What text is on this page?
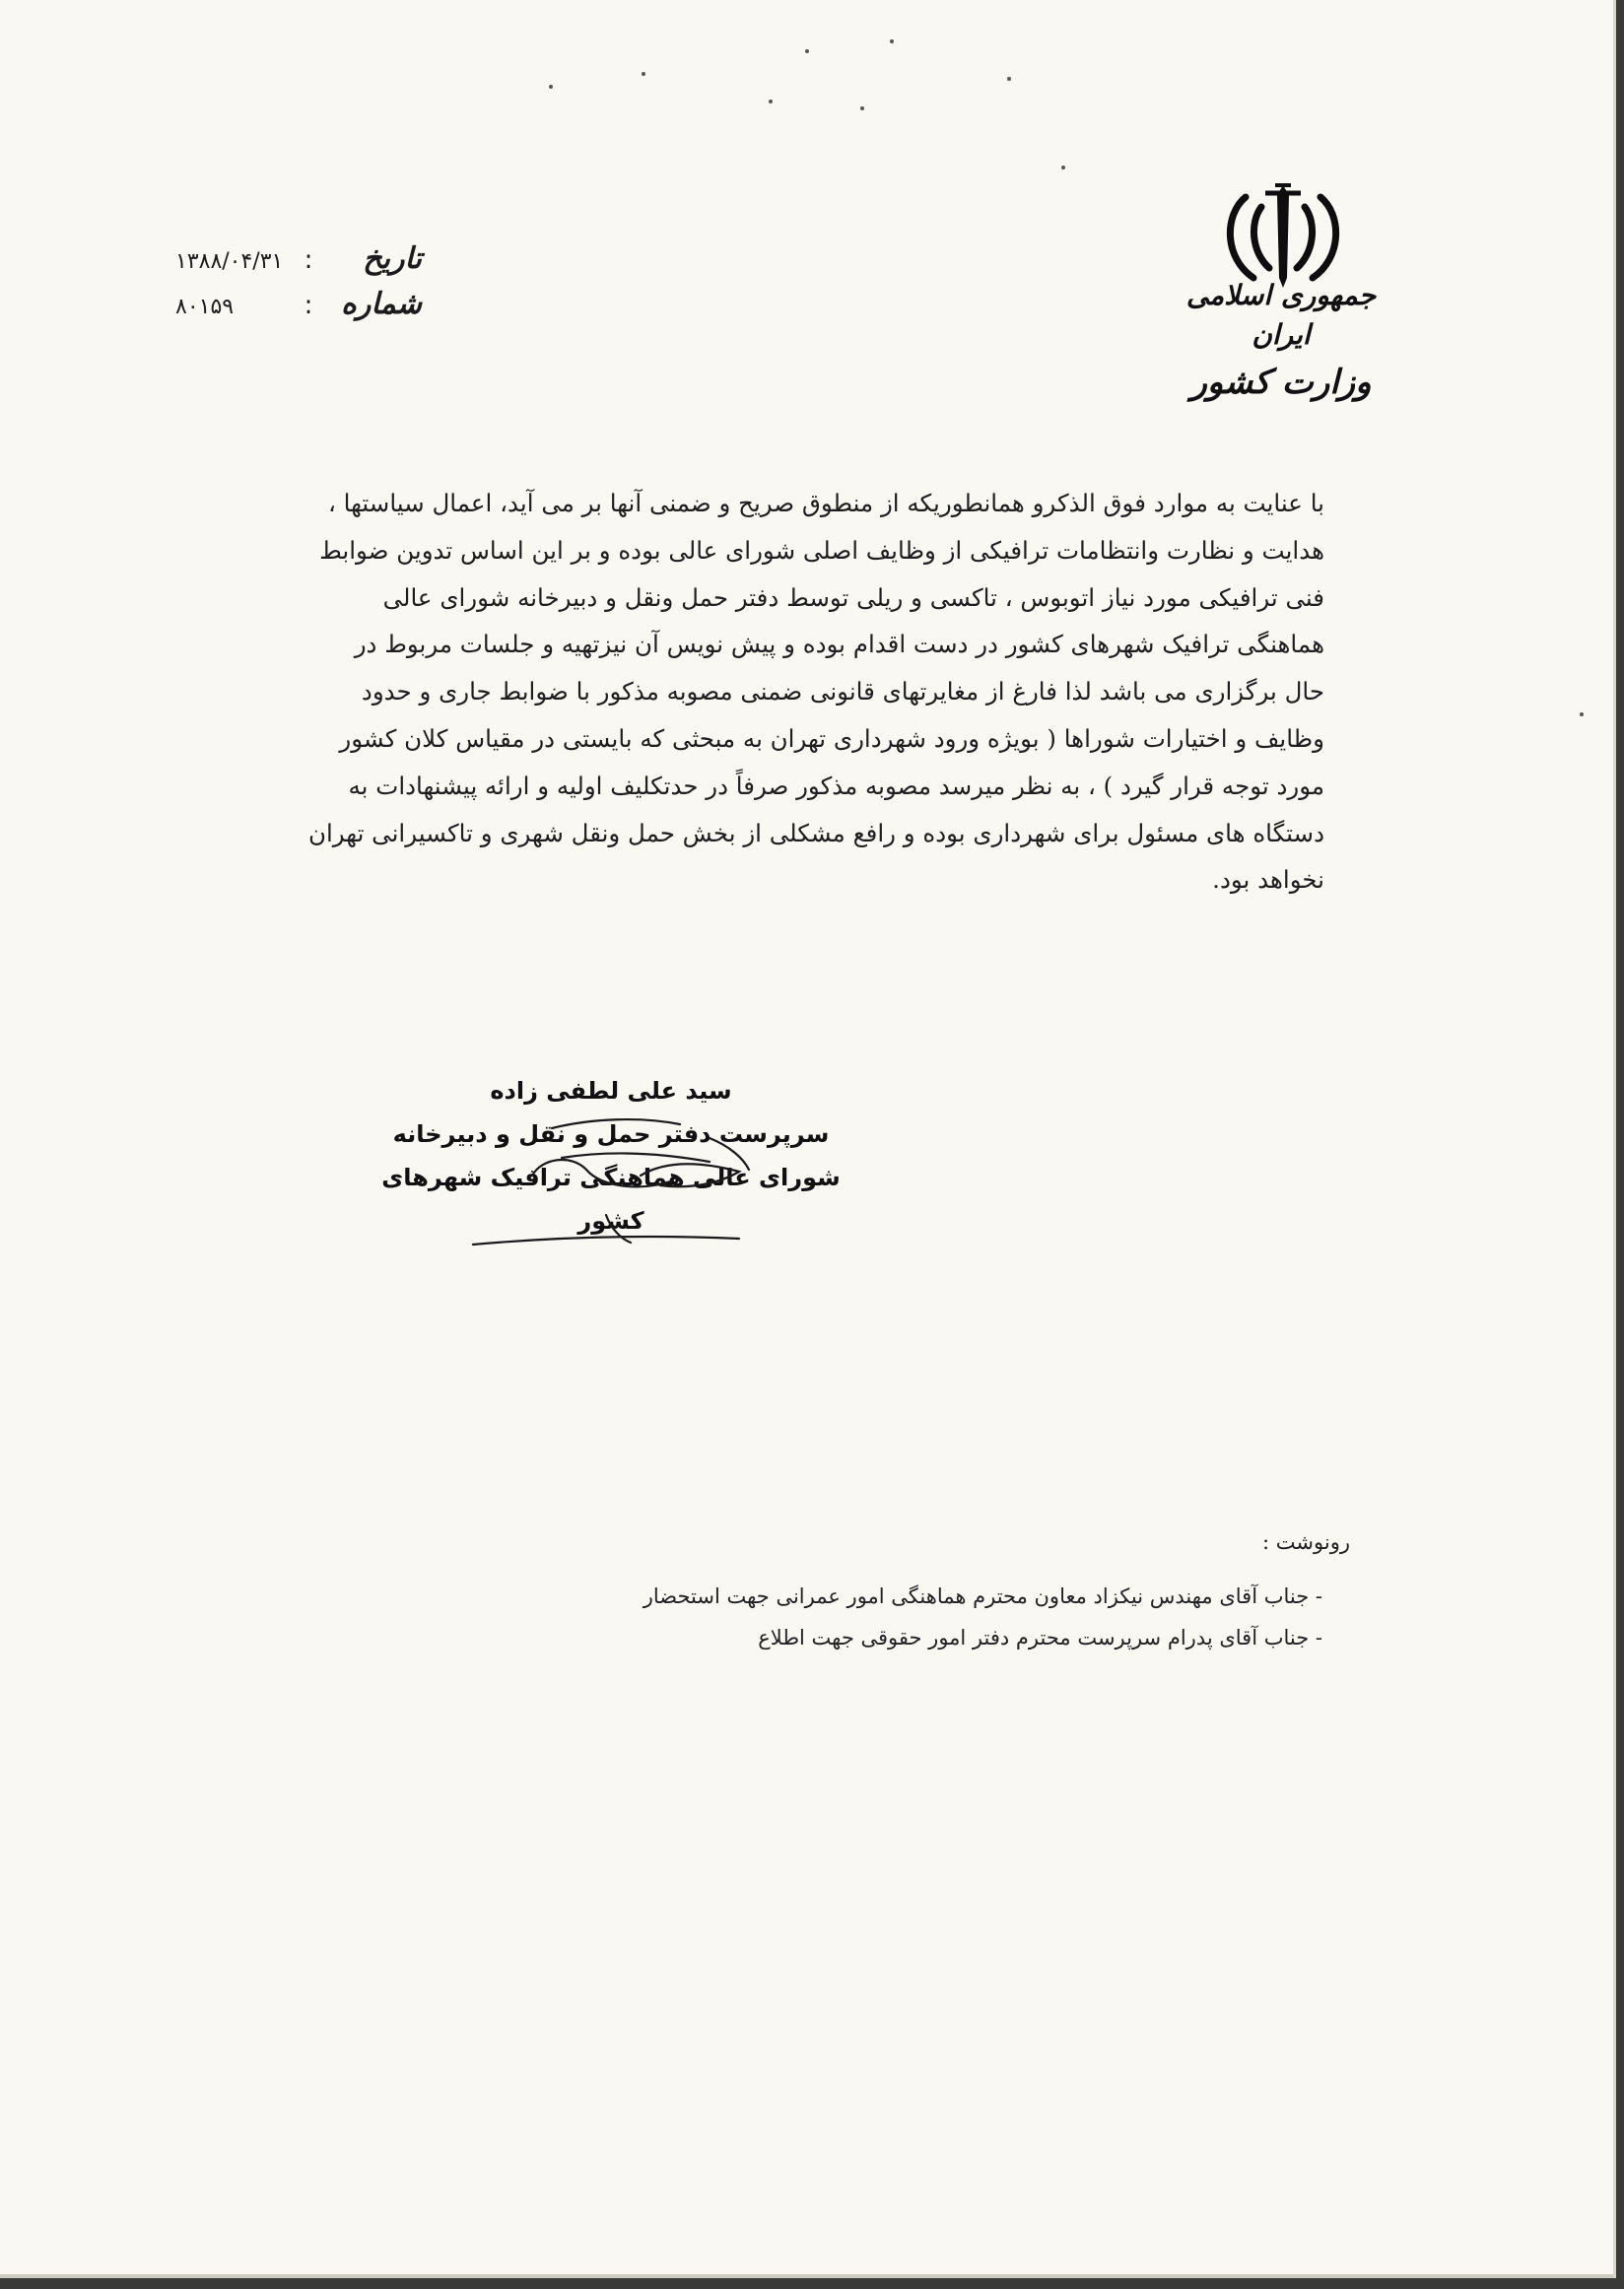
جمهوری اسلامی ایران
وزارت کشور
تاریخ
:
۱۳۸۸/۰۴/۳۱
شماره
:
۸۰۱۵۹
با عنایت به موارد فوق الذکرو همانطوریکه از منطوق صریح و ضمنی آنها بر می آید، اعمال سیاستها ،
هدایت و نظارت وانتظامات ترافیکی از وظایف اصلی شورای عالی بوده و بر این اساس تدوین ضوابط
فنی ترافیکی مورد نیاز اتوبوس ، تاکسی و ریلی توسط دفتر حمل ونقل و دبیرخانه شورای عالی
هماهنگی ترافیک شهرهای کشور در دست اقدام بوده و پیش نویس آن نیزتهیه و جلسات مربوط در
حال برگزاری می باشد لذا فارغ از مغایرتهای قانونی ضمنی مصوبه مذکور با ضوابط جاری و حدود
وظایف و اختیارات شوراها ( بویژه ورود شهرداری تهران به مبحثی که بایستی در مقیاس کلان کشور
مورد توجه قرار گیرد ) ، به نظر میرسد مصوبه مذکور صرفاً در حدتکلیف اولیه و ارائه پیشنهادات به
دستگاه های مسئول برای شهرداری بوده و رافع مشکلی از بخش حمل ونقل شهری و تاکسیرانی تهران
نخواهد بود.
سید علی لطفی زاده
سرپرست دفتر حمل و نقل و دبیرخانه
شورای عالی هماهنگی ترافیک شهرهای کشور
رونوشت :
- جناب آقای مهندس نیکزاد معاون محترم هماهنگی امور عمرانی جهت استحضار
- جناب آقای پدرام سرپرست محترم دفتر امور حقوقی جهت اطلاع
